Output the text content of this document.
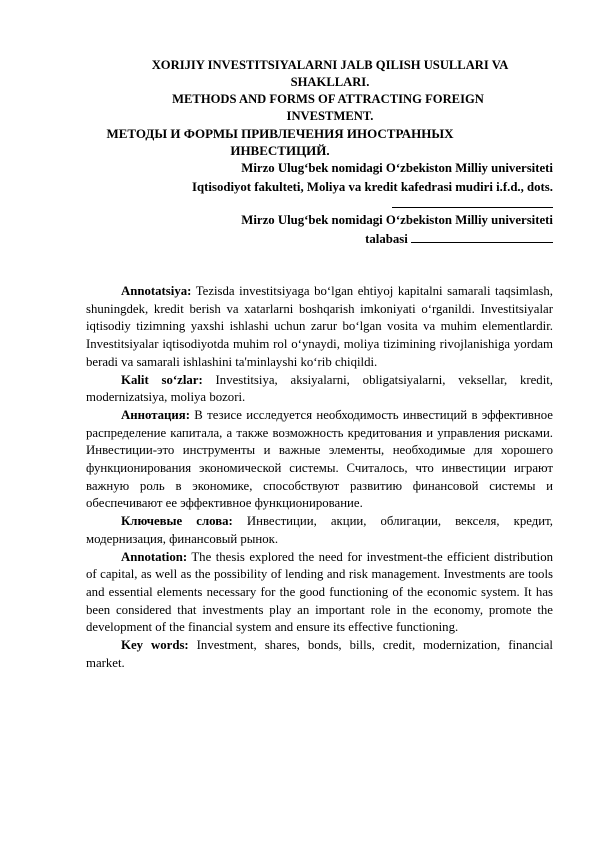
XORIJIY INVESTITSIYALARNI JALB QILISH USULLARI VA

SHAKLLARI.

METHODS AND FORMS OF ATTRACTING FOREIGN

INVESTMENT.

МЕТОДЫ И ФОРМЫ ПРИВЛЕЧЕНИЯ ИНОСТРАННЫХ

ИНВЕСТИЦИЙ.

Mirzo Ulugʻbek nomidagi Oʻzbekiston Milliy universiteti
Iqtisodiyot fakulteti, Moliya va kredit kafedrasi mudiri i.f.d., dots.
Mirzo Ulugʻbek nomidagi Oʻzbekiston Milliy universiteti
talabasi

Annotatsiya: Tezisda investitsiyaga boʻlgan ehtiyoj kapitalni samarali taqsimlash, shuningdek, kredit berish va xatarlarni boshqarish imkoniyati oʻrganildi. Investitsiyalar iqtisodiy tizimning yaxshi ishlashi uchun zarur boʻlgan vosita va muhim elementlardir. Investitsiyalar iqtisodiyotda muhim rol oʻynaydi, moliya tizimining rivojlanishiga yordam beradi va samarali ishlashini ta'minlayshi koʻrib chiqildi.

Kalit soʻzlar: Investitsiya, aksiyalarni, obligatsiyalarni, veksellar, kredit, modernizatsiya, moliya bozori.

Аннотация: В тезисе исследуется необходимость инвестиций в эффективное распределение капитала, а также возможность кредитования и управления рисками. Инвестиции-это инструменты и важные элементы, необходимые для хорошего функционирования экономической системы. Считалось, что инвестиции играют важную роль в экономике, способствуют развитию финансовой системы и обеспечивают ее эффективное функционирование.

Ключевые слова: Инвестиции, акции, облигации, векселя, кредит, модернизация, финансовый рынок.

Annotation: The thesis explored the need for investment-the efficient distribution of capital, as well as the possibility of lending and risk management. Investments are tools and essential elements necessary for the good functioning of the economic system. It has been considered that investments play an important role in the economy, promote the development of the financial system and ensure its effective functioning.

Key words: Investment, shares, bonds, bills, credit, modernization, financial market.
